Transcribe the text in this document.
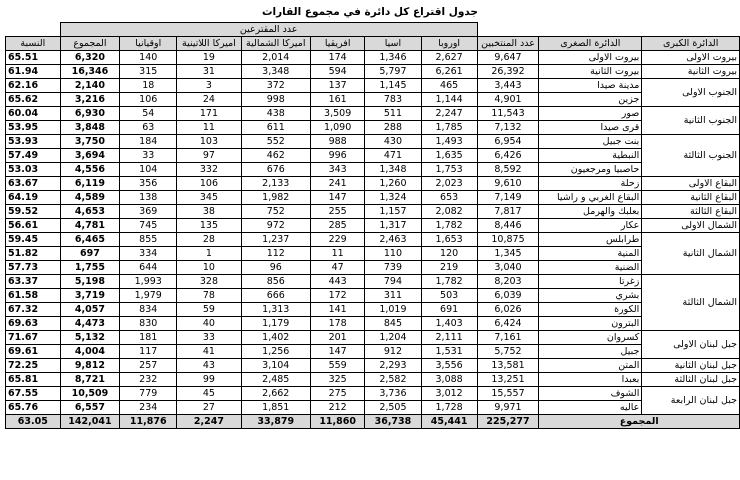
جدول اقتراع كل دائرة في مجموع القارات
			عدد المقترعين							
الدائرة الكبرى	الدائرة الصغرى	عدد المنتخبين	اوروبا	اسيا	افريقيا	اميركا الشمالية	اميركا اللاتينية	اوقيانيا	المجموع	النسبة
بيروت الاولى	بيروت الاولى	9,647	2,627	1,346	174	2,014	19	140	6,320	65.51
بيروت الثانية	بيروت الثانية	26,392	6,261	5,797	594	3,348	31	315	16,346	61.94
الجنوب الاولى	مدينة صيدا	3,443	465	1,145	137	372	3	18	2,140	62.16
	جزين	4,901	1,144	783	161	998	24	106	3,216	65.62
الجنوب الثانية	صور	11,543	2,247	511	3,509	438	171	54	6,930	60.04
	قرى صيدا	7,132	1,785	288	1,090	611	11	63	3,848	53.95
الجنوب الثالثة	بنت جبيل	6,954	1,493	430	988	552	103	184	3,750	53.93
	النبطية	6,426	1,635	471	996	462	97	33	3,694	57.49
	حاصبيا ومرجعيون	8,592	1,753	1,348	343	676	332	104	4,556	53.03
البقاع الاولى	زحلة	9,610	2,023	1,260	241	2,133	106	356	6,119	63.67
البقاع الثانية	البقاع الغربي و راشيا	7,149	653	1,324	147	1,982	345	138	4,589	64.19
البقاع الثالثة	بعلبك والهرمل	7,817	2,082	1,157	255	752	38	369	4,653	59.52
الشمال الاولى	عكار	8,446	1,782	1,317	285	972	135	745	4,781	56.61
الشمال الثانية	طرابلس	10,875	1,653	2,463	229	1,237	28	855	6,465	59.45
	المنية	1,345	120	110	11	112	1	334	697	51.82
	الضنية	3,040	219	739	47	96	10	644	1,755	57.73
الشمال الثالثة	زغرتا	8,203	1,782	794	443	856	328	1,993	5,198	63.37
	بشري	6,039	503	311	172	666	78	1,979	3,719	61.58
	الكورة	6,026	691	1,019	141	1,313	59	834	4,057	67.32
	البترون	6,424	1,403	845	178	1,179	40	830	4,473	69.63
جبل لبنان الاولى	كسروان	7,161	2,111	1,204	201	1,402	33	181	5,132	71.67
	جبيل	5,752	1,531	912	147	1,256	41	117	4,004	69.61
جبل لبنان الثانية	المتن	13,581	3,556	2,293	559	3,104	43	257	9,812	72.25
جبل لبنان الثالثة	بعبدا	13,251	3,088	2,582	325	2,485	99	232	8,721	65.81
جبل لبنان الرابعة	الشوف	15,557	3,012	3,736	275	2,662	45	779	10,509	67.55
	عاليه	9,971	1,728	2,505	212	1,851	27	234	6,557	65.76
المجموع		225,277	45,441	36,738	11,860	33,879	2,247	11,876	142,041	63.05
